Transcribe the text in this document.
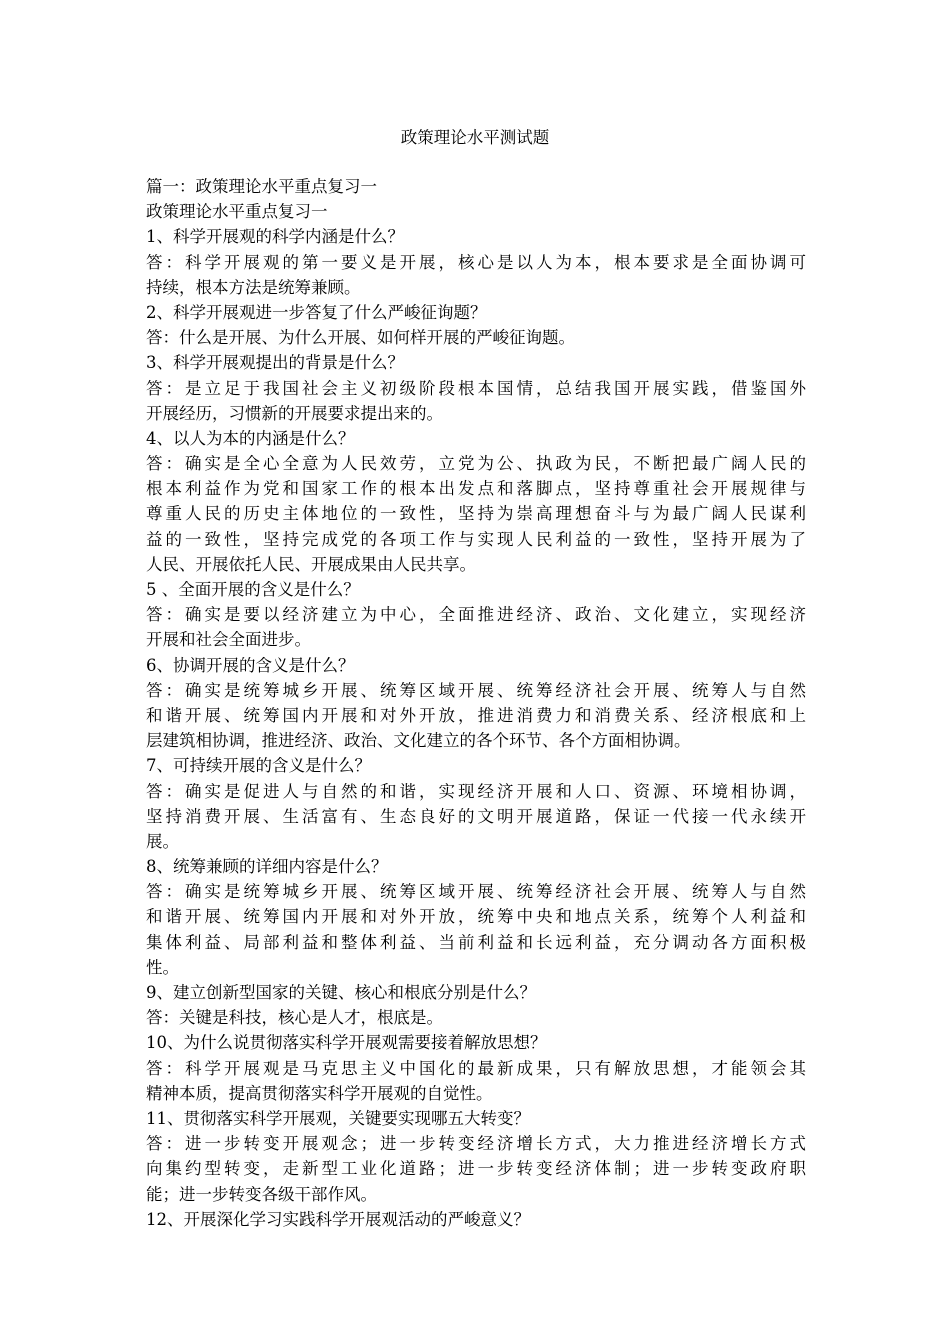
政策理论水平测试题
篇一：政策理论水平重点复习一
政策理论水平重点复习一
1、科学开展观的科学内涵是什么？
答：科学开展观的第一要义是开展，核心是以人为本，根本要求是全面协调可
持续，根本方法是统筹兼顾。
2、科学开展观进一步答复了什么严峻征询题？
答：什么是开展、为什么开展、如何样开展的严峻征询题。
3、科学开展观提出的背景是什么？
答：是立足于我国社会主义初级阶段根本国情，总结我国开展实践，借鉴国外
开展经历，习惯新的开展要求提出来的。
4、以人为本的内涵是什么？
答：确实是全心全意为人民效劳，立党为公、执政为民，不断把最广阔人民的
根本利益作为党和国家工作的根本出发点和落脚点，坚持尊重社会开展规律与
尊重人民的历史主体地位的一致性，坚持为崇高理想奋斗与为最广阔人民谋利
益的一致性，坚持完成党的各项工作与实现人民利益的一致性，坚持开展为了
人民、开展依托人民、开展成果由人民共享。
5 、全面开展的含义是什么？
答：确实是要以经济建立为中心，全面推进经济、政治、文化建立，实现经济
开展和社会全面进步。
6、协调开展的含义是什么？
答：确实是统筹城乡开展、统筹区域开展、统筹经济社会开展、统筹人与自然
和谐开展、统筹国内开展和对外开放，推进消费力和消费关系、经济根底和上
层建筑相协调，推进经济、政治、文化建立的各个环节、各个方面相协调。
7、可持续开展的含义是什么？
答：确实是促进人与自然的和谐，实现经济开展和人口、资源、环境相协调，
坚持消费开展、生活富有、生态良好的文明开展道路，保证一代接一代永续开
展。
8、统筹兼顾的详细内容是什么？
答：确实是统筹城乡开展、统筹区域开展、统筹经济社会开展、统筹人与自然
和谐开展、统筹国内开展和对外开放，统筹中央和地点关系，统筹个人利益和
集体利益、局部利益和整体利益、当前利益和长远利益，充分调动各方面积极
性。
9、建立创新型国家的关键、核心和根底分别是什么？
答：关键是科技，核心是人才，根底是。
10、为什么说贯彻落实科学开展观需要接着解放思想？
答：科学开展观是马克思主义中国化的最新成果，只有解放思想，才能领会其
精神本质，提高贯彻落实科学开展观的自觉性。
11、贯彻落实科学开展观，关键要实现哪五大转变？
答：进一步转变开展观念；进一步转变经济增长方式，大力推进经济增长方式
向集约型转变，走新型工业化道路；进一步转变经济体制；进一步转变政府职
能；进一步转变各级干部作风。
12、开展深化学习实践科学开展观活动的严峻意义？
